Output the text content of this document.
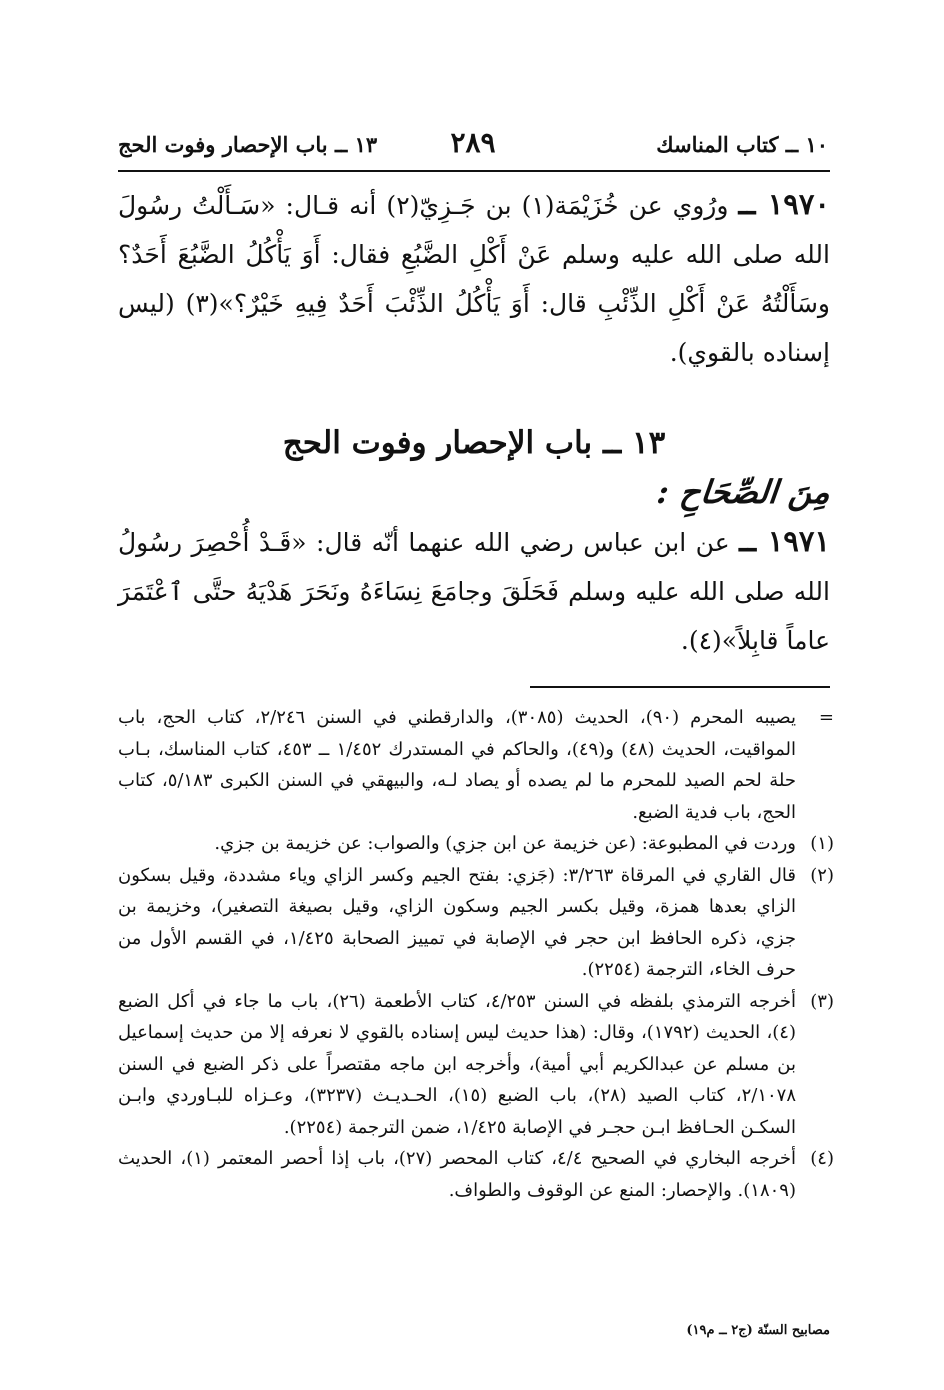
١٠ ــ كتاب المناسك
٢٨٩
١٣ ــ باب الإحصار وفوت الحج
١٩٧٠ ــ ورُوي عن خُزَيْمَة(١) بن جَـزِيّ(٢) أنه قـال: «سَـأَلْتُ رسُولَ الله صلى الله عليه وسلم عَنْ أَكْلِ الضَّبُعِ فقال: أَوَ يَأْكُلُ الضَّبُعَ أَحَدٌ؟ وسَأَلْتُهُ عَنْ أَكْلِ الذِّئْبِ قال: أَوَ يَأْكُلُ الذِّئْبَ أَحَدٌ فِيهِ خَيْرٌ؟»(٣) (ليس إسناده بالقوي).
١٣ ــ باب الإحصار وفوت الحج
مِنَ الصِّحَاحِ :
١٩٧١ ــ عن ابن عباس رضي الله عنهما أنّه قال: «قَـدْ أُحْصِرَ رسُولُ الله صلى الله عليه وسلم فَحَلَقَ وجامَعَ نِسَاءَهُ ونَحَرَ هَدْيَهُ حتَّى ٱعْتَمَرَ عاماً قابِلاً»(٤).
=
يصيبه المحرم (٩٠)، الحديث (٣٠٨٥)، والدارقطني في السنن ٢/٢٤٦، كتاب الحج، باب المواقيت، الحديث (٤٨) و(٤٩)، والحاكم في المستدرك ١/٤٥٢ ــ ٤٥٣، كتاب المناسك، بـاب حلة لحم الصيد للمحرم ما لم يصده أو يصاد لـه، والبيهقي في السنن الكبرى ٥/١٨٣، كتاب الحج، باب فدية الضبع.
(١)
وردت في المطبوعة: (عن خزيمة عن ابن جزي) والصواب: عن خزيمة بن جزي.
(٢)
قال القاري في المرقاة ٣/٢٦٣: (جَزي: بفتح الجيم وكسر الزاي وياء مشددة، وقيل بسكون الزاي بعدها همزة، وقيل بكسر الجيم وسكون الزاي، وقيل بصيغة التصغير)، وخزيمة بن جزي، ذكره الحافظ ابن حجر في الإصابة في تمييز الصحابة ١/٤٢٥، في القسم الأول من حرف الخاء، الترجمة (٢٢٥٤).
(٣)
أخرجه الترمذي بلفظه في السنن ٤/٢٥٣، كتاب الأطعمة (٢٦)، باب ما جاء في أكل الضبع (٤)، الحديث (١٧٩٢)، وقال: (هذا حديث ليس إسناده بالقوي لا نعرفه إلا من حديث إسماعيل بن مسلم عن عبدالكريم أبي أمية)، وأخرجه ابن ماجه مقتصراً على ذكر الضبع في السنن ٢/١٠٧٨، كتاب الصيد (٢٨)، باب الضبع (١٥)، الحـديـث (٣٢٣٧)، وعـزاه للبـاوردي وابـن السكـن الحـافظ ابـن حجـر في الإصابة ١/٤٢٥، ضمن الترجمة (٢٢٥٤).
(٤)
أخرجه البخاري في الصحيح ٤/٤، كتاب المحصر (٢٧)، باب إذا أحصر المعتمر (١)، الحديث (١٨٠٩). والإحصار: المنع عن الوقوف والطواف.
مصابيح السنّة (ج٢ ــ م١٩)
